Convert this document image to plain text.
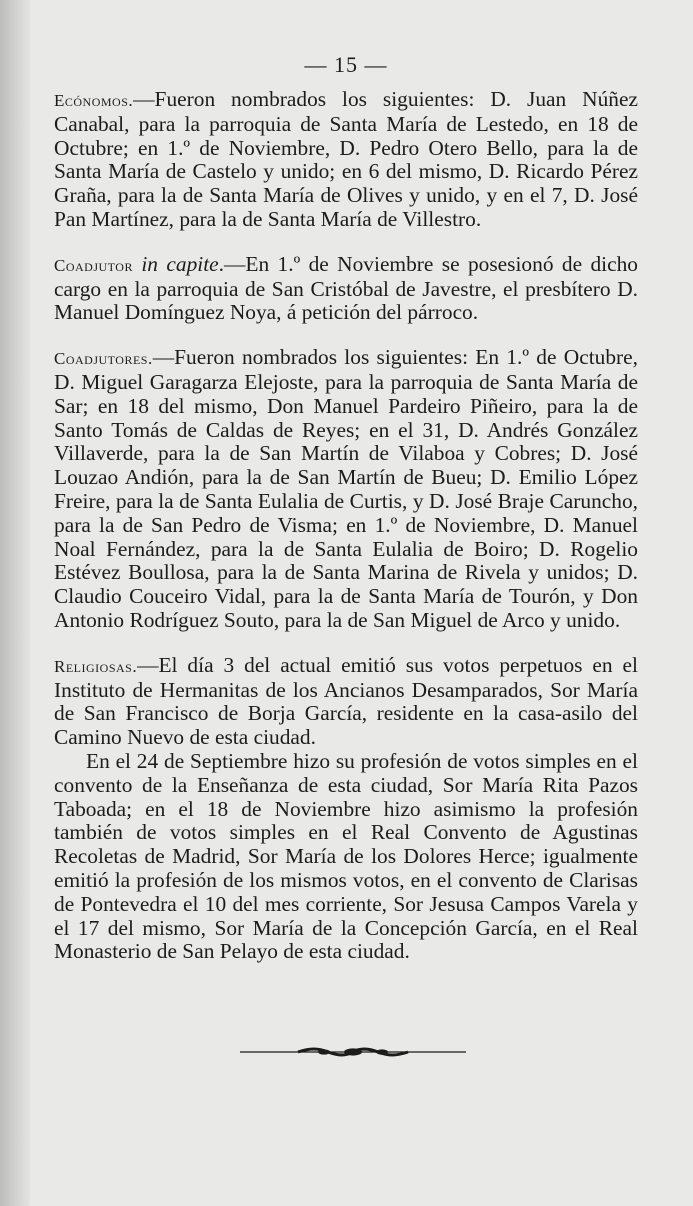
— 15 —

Ecónomos.—Fueron nombrados los siguientes: D. Juan Núñez Canabal, para la parroquia de Santa María de Lestedo, en 18 de Octubre; en 1.º de Noviembre, D. Pedro Otero Bello, para la de Santa María de Castelo y unido; en 6 del mismo, D. Ricardo Pérez Graña, para la de Santa María de Olives y unido, y en el 7, D. José Pan Martínez, para la de Santa María de Villestro.

Coadjutor in capite.—En 1.º de Noviembre se posesionó de dicho cargo en la parroquia de San Cristóbal de Javestre, el presbítero D. Manuel Domínguez Noya, á petición del párroco.

Coadjutores.—Fueron nombrados los siguientes: En 1.º de Octubre, D. Miguel Garagarza Elejoste, para la parroquia de Santa María de Sar; en 18 del mismo, Don Manuel Pardeiro Piñeiro, para la de Santo Tomás de Caldas de Reyes; en el 31, D. Andrés González Villaverde, para la de San Martín de Vilaboa y Cobres; D. José Louzao Andión, para la de San Martín de Bueu; D. Emilio López Freire, para la de Santa Eulalia de Curtis, y D. José Braje Caruncho, para la de San Pedro de Visma; en 1.º de Noviembre, D. Manuel Noal Fernández, para la de Santa Eulalia de Boiro; D. Rogelio Estévez Boullosa, para la de Santa Marina de Rivela y unidos; D. Claudio Couceiro Vidal, para la de Santa María de Tourón, y Don Antonio Rodríguez Souto, para la de San Miguel de Arco y unido.

Religiosas.—El día 3 del actual emitió sus votos perpetuos en el Instituto de Hermanitas de los Ancianos Desamparados, Sor María de San Francisco de Borja García, residente en la casa-asilo del Camino Nuevo de esta ciudad.

En el 24 de Septiembre hizo su profesión de votos simples en el convento de la Enseñanza de esta ciudad, Sor María Rita Pazos Taboada; en el 18 de Noviembre hizo asimismo la profesión también de votos simples en el Real Convento de Agustinas Recoletas de Madrid, Sor María de los Dolores Herce; igualmente emitió la profesión de los mismos votos, en el convento de Clarisas de Pontevedra el 10 del mes corriente, Sor Jesusa Campos Varela y el 17 del mismo, Sor María de la Concepción García, en el Real Monasterio de San Pelayo de esta ciudad.
